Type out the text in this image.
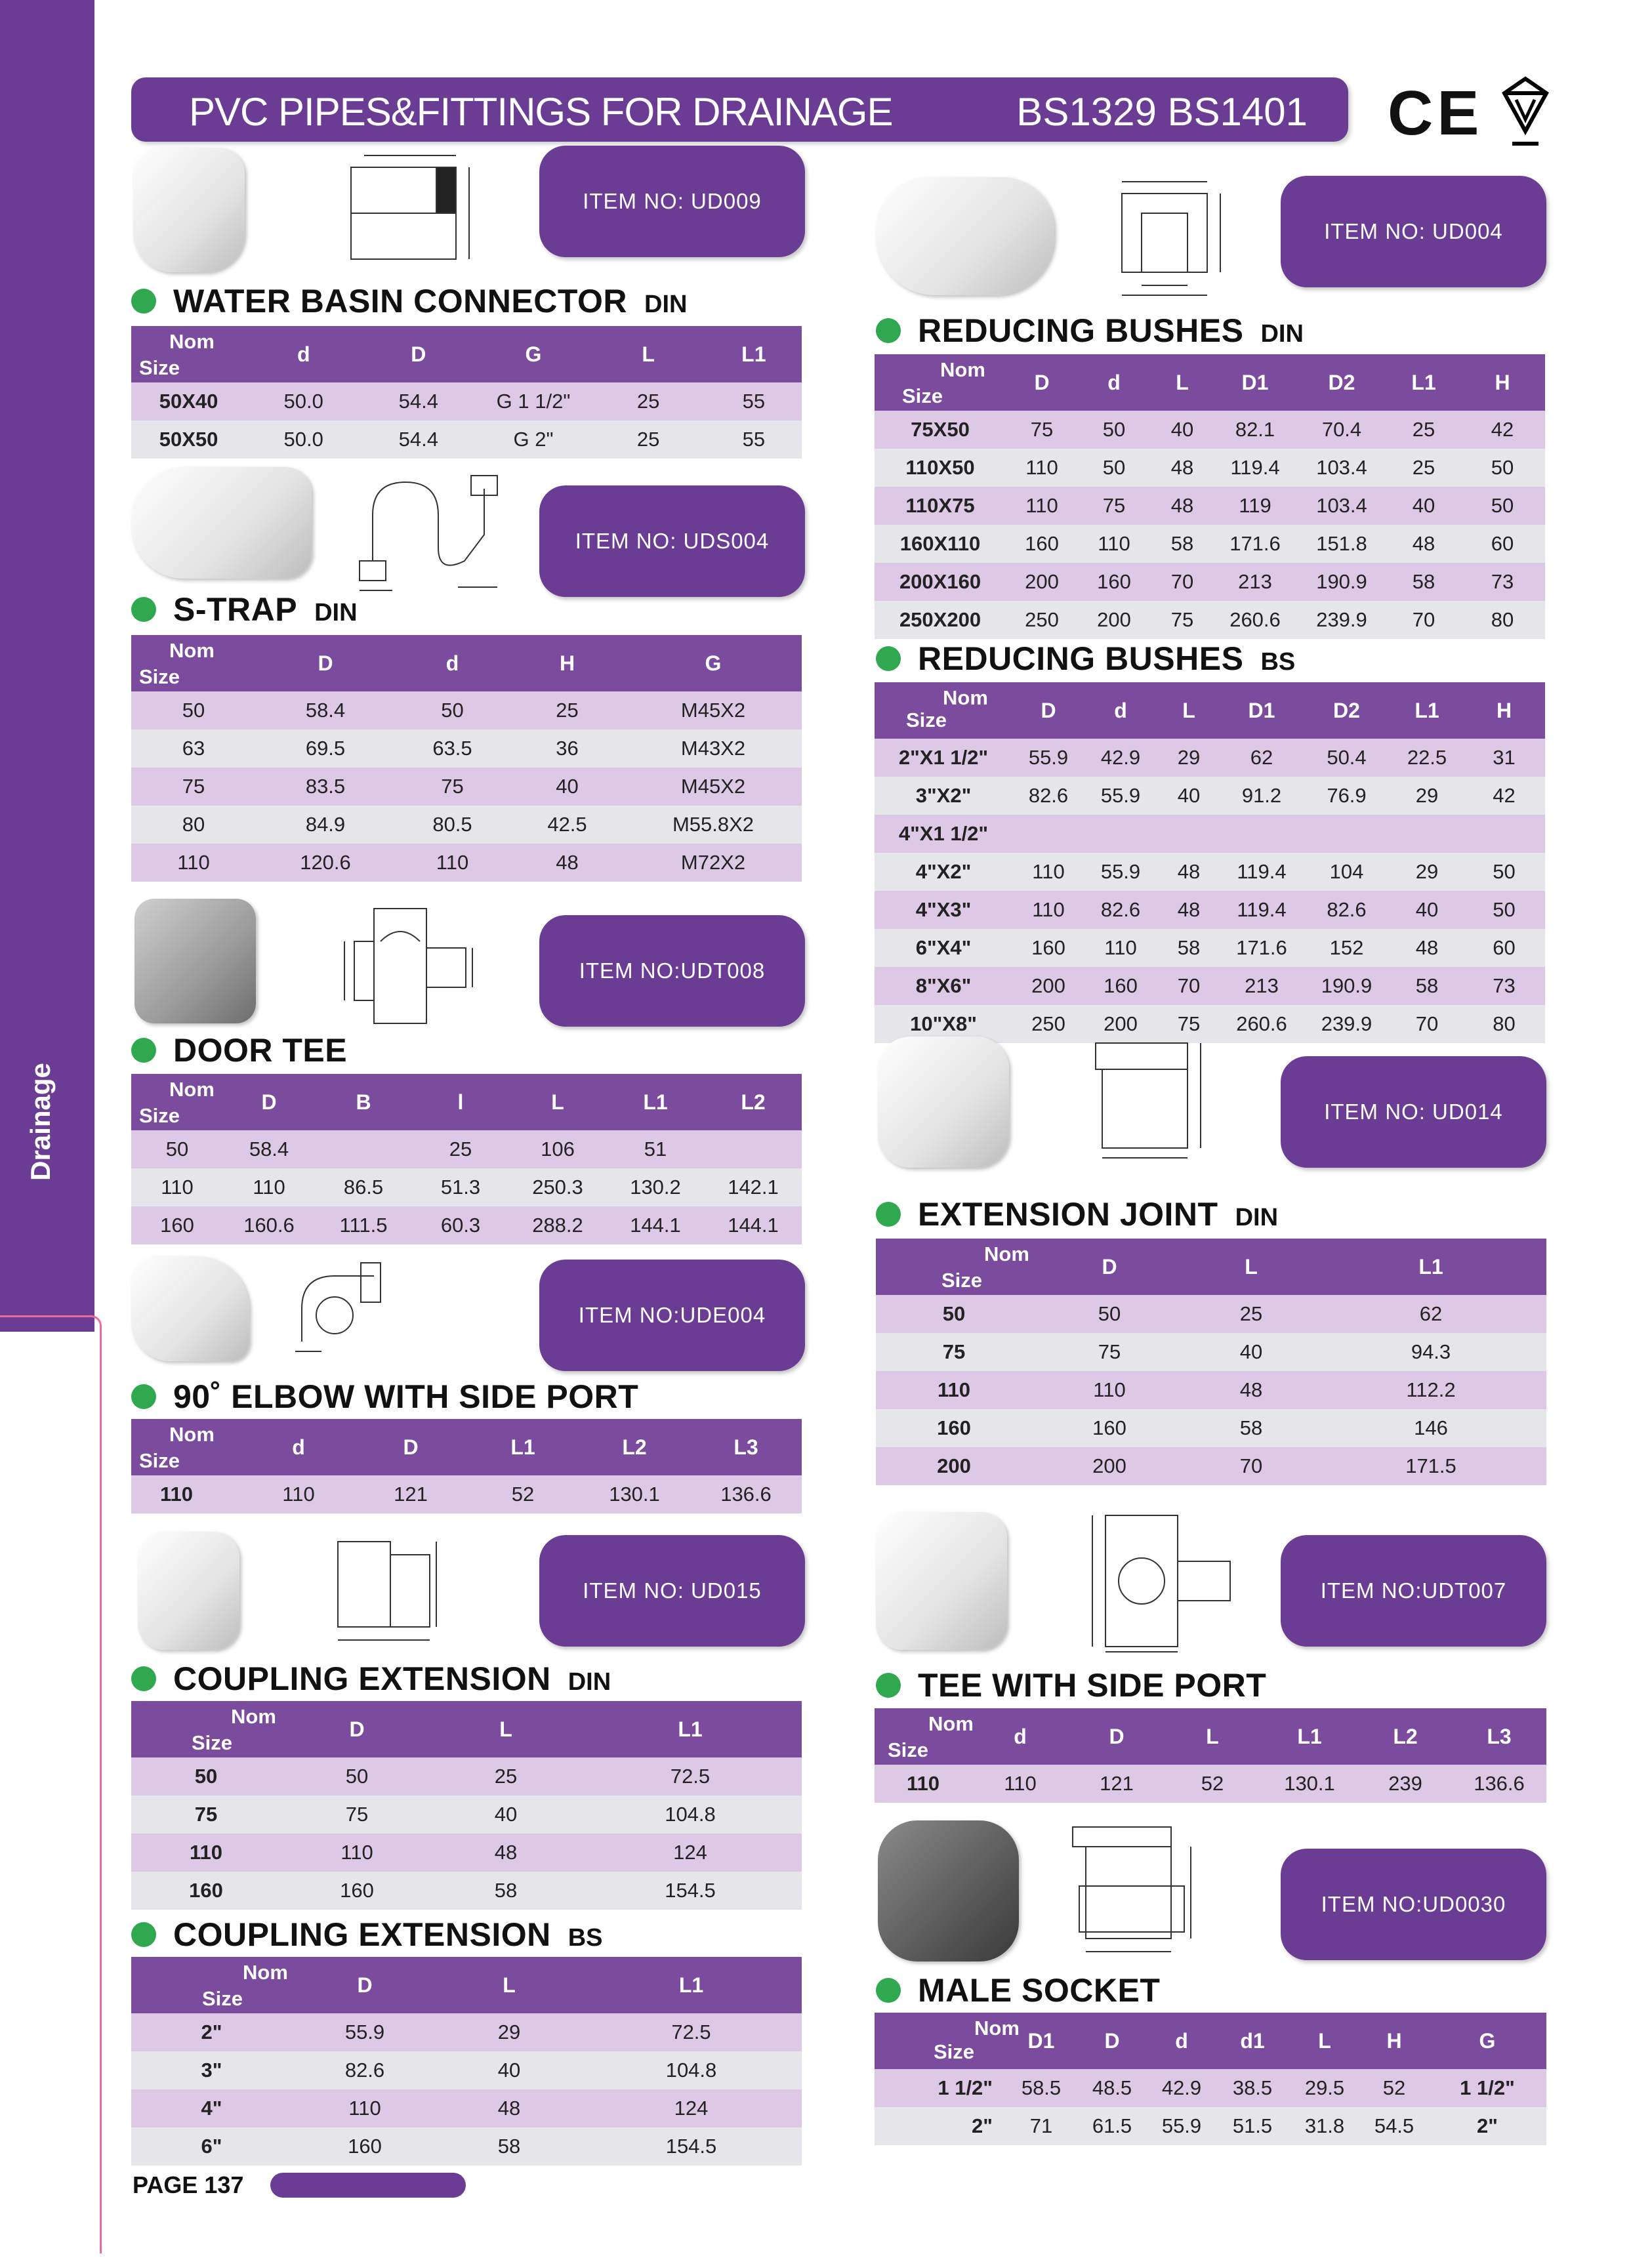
Drainage
PVC PIPES&FITTINGS FOR DRAINAGE	BS1329 BS1401 CE
ITEM NO: UD009
WATER BASIN CONNECTOR DIN
Nom
Size	d	D	G	L	L1
50X40	50.0	54.4	G 1 1/2"	25	55
50X50	50.0	54.4	G 2"	25	55
ITEM NO: UDS004
S-TRAP DIN
Nom
Size	D	d	H	G
50	58.4	50	25	M45X2
63	69.5	63.5	36	M43X2
75	83.5	75	40	M45X2
80	84.9	80.5	42.5	M55.8X2
110	120.6	110	48	M72X2
ITEM NO:UDT008
DOOR TEE
Nom
Size	D	B	l	L	L1	L2
50	58.4		25	106	51	
110	110	86.5	51.3	250.3	130.2	142.1
160	160.6	111.5	60.3	288.2	144.1	144.1
ITEM NO:UDE004
90˚ ELBOW WITH SIDE PORT
Nom
Size	d	D	L1	L2	L3
110	110	121	52	130.1	136.6
ITEM NO: UD015
COUPLING EXTENSION DIN
Nom
Size	D	L	L1
50	50	25	72.5
75	75	40	104.8
110	110	48	124
160	160	58	154.5
COUPLING EXTENSION BS
Nom
Size	D	L	L1
2"	55.9	29	72.5
3"	82.6	40	104.8
4"	110	48	124
6"	160	58	154.5
ITEM NO: UD004
REDUCING BUSHES DIN
Nom
Size	D	d	L	D1	D2	L1	H
75X50	75	50	40	82.1	70.4	25	42
110X50	110	50	48	119.4	103.4	25	50
110X75	110	75	48	119	103.4	40	50
160X110	160	110	58	171.6	151.8	48	60
200X160	200	160	70	213	190.9	58	73
250X200	250	200	75	260.6	239.9	70	80
REDUCING BUSHES BS
Nom
Size	D	d	L	D1	D2	L1	H
2"X1 1/2"	55.9	42.9	29	62	50.4	22.5	31
3"X2"	82.6	55.9	40	91.2	76.9	29	42
4"X1 1/2"							
4"X2"	110	55.9	48	119.4	104	29	50
4"X3"	110	82.6	48	119.4	82.6	40	50
6"X4"	160	110	58	171.6	152	48	60
8"X6"	200	160	70	213	190.9	58	73
10"X8"	250	200	75	260.6	239.9	70	80
ITEM NO: UD014
EXTENSION JOINT DIN
Nom
Size	D	L	L1
50	50	25	62
75	75	40	94.3
110	110	48	112.2
160	160	58	146
200	200	70	171.5
ITEM NO:UDT007
TEE WITH SIDE PORT
Nom
Size	d	D	L	L1	L2	L3
110	110	121	52	130.1	239	136.6
ITEM NO:UD0030
MALE SOCKET
Nom
Size	D1	D	d	d1	L	H	G
1 1/2"	58.5	48.5	42.9	38.5	29.5	52	1 1/2"
2"	71	61.5	55.9	51.5	31.8	54.5	2"
PAGE 137
